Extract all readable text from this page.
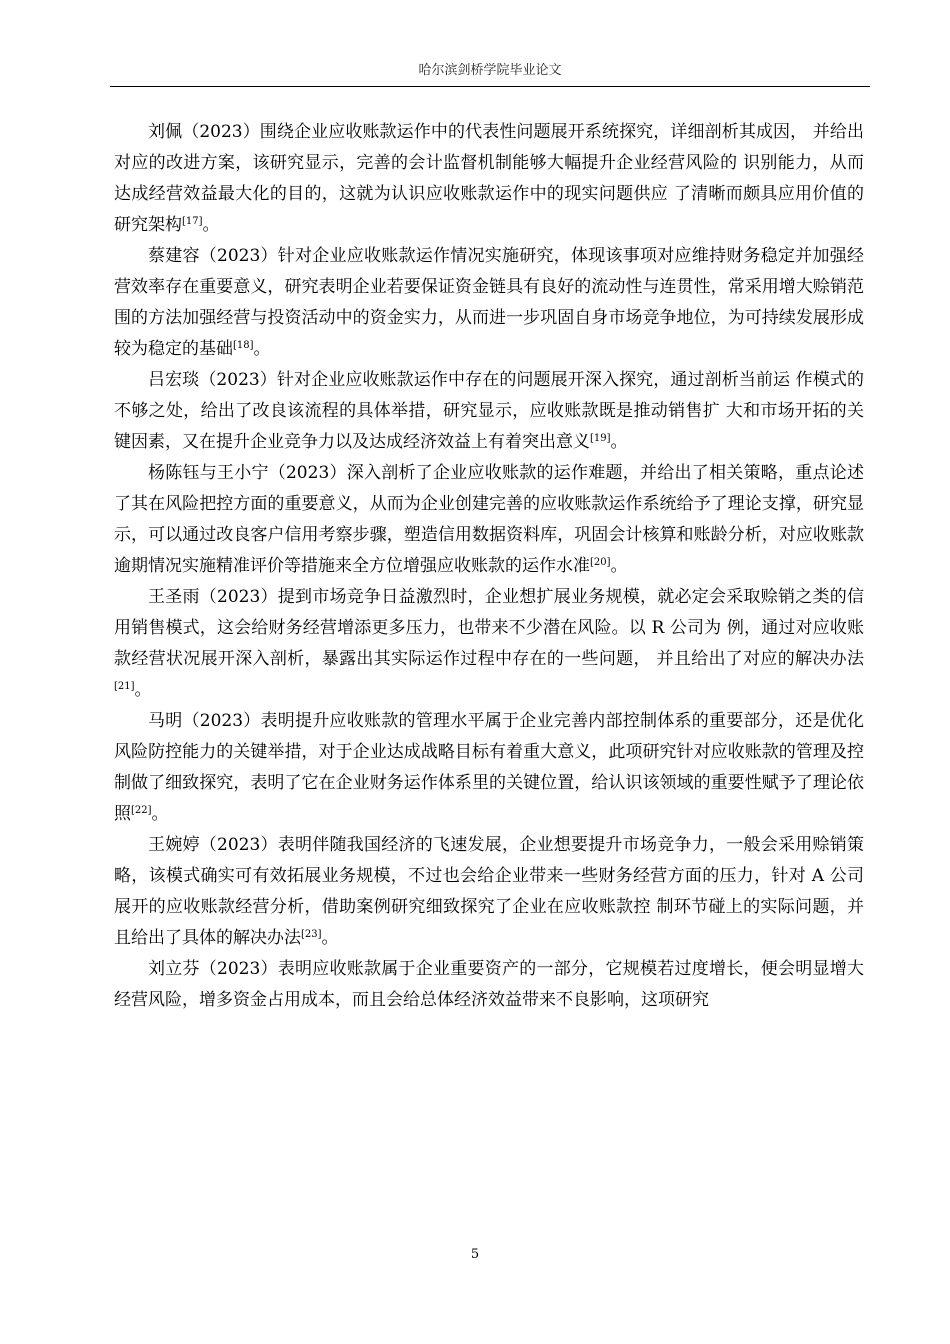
哈尔滨剑桥学院毕业论文

刘佩（2023）围绕企业应收账款运作中的代表性问题展开系统探究，详细剖析其成因， 并给出对应的改进方案，该研究显示，完善的会计监督机制能够大幅提升企业经营风险的 识别能力，从而达成经营效益最大化的目的，这就为认识应收账款运作中的现实问题供应 了清晰而颇具应用价值的研究架构[17]。

蔡建容（2023）针对企业应收账款运作情况实施研究，体现该事项对应维持财务稳定并加强经营效率存在重要意义，研究表明企业若要保证资金链具有良好的流动性与连贯性，常采用增大赊销范围的方法加强经营与投资活动中的资金实力，从而进一步巩固自身市场竞争地位，为可持续发展形成较为稳定的基础[18]。

吕宏琰（2023）针对企业应收账款运作中存在的问题展开深入探究，通过剖析当前运 作模式的不够之处，给出了改良该流程的具体举措，研究显示，应收账款既是推动销售扩 大和市场开拓的关键因素，又在提升企业竞争力以及达成经济效益上有着突出意义[19]。

杨陈钰与王小宁（2023）深入剖析了企业应收账款的运作难题，并给出了相关策略，重点论述了其在风险把控方面的重要意义，从而为企业创建完善的应收账款运作系统给予了理论支撑，研究显示，可以通过改良客户信用考察步骤，塑造信用数据资料库，巩固会计核算和账龄分析，对应收账款逾期情况实施精准评价等措施来全方位增强应收账款的运作水准[20]。

王圣雨（2023）提到市场竞争日益激烈时，企业想扩展业务规模，就必定会采取赊销之类的信用销售模式，这会给财务经营增添更多压力，也带来不少潜在风险。以 R 公司为 例，通过对应收账款经营状况展开深入剖析，暴露出其实际运作过程中存在的一些问题， 并且给出了对应的解决办法[21]。

马明（2023）表明提升应收账款的管理水平属于企业完善内部控制体系的重要部分，还是优化风险防控能力的关键举措，对于企业达成战略目标有着重大意义，此项研究针对应收账款的管理及控制做了细致探究，表明了它在企业财务运作体系里的关键位置，给认识该领域的重要性赋予了理论依照[22]。

王婉婷（2023）表明伴随我国经济的飞速发展，企业想要提升市场竞争力，一般会采用赊销策略，该模式确实可有效拓展业务规模，不过也会给企业带来一些财务经营方面的压力，针对 A 公司展开的应收账款经营分析，借助案例研究细致探究了企业在应收账款控 制环节碰上的实际问题，并且给出了具体的解决办法[23]。

刘立芬（2023）表明应收账款属于企业重要资产的一部分，它规模若过度增长，便会明显增大经营风险，增多资金占用成本，而且会给总体经济效益带来不良影响，这项研究

5
